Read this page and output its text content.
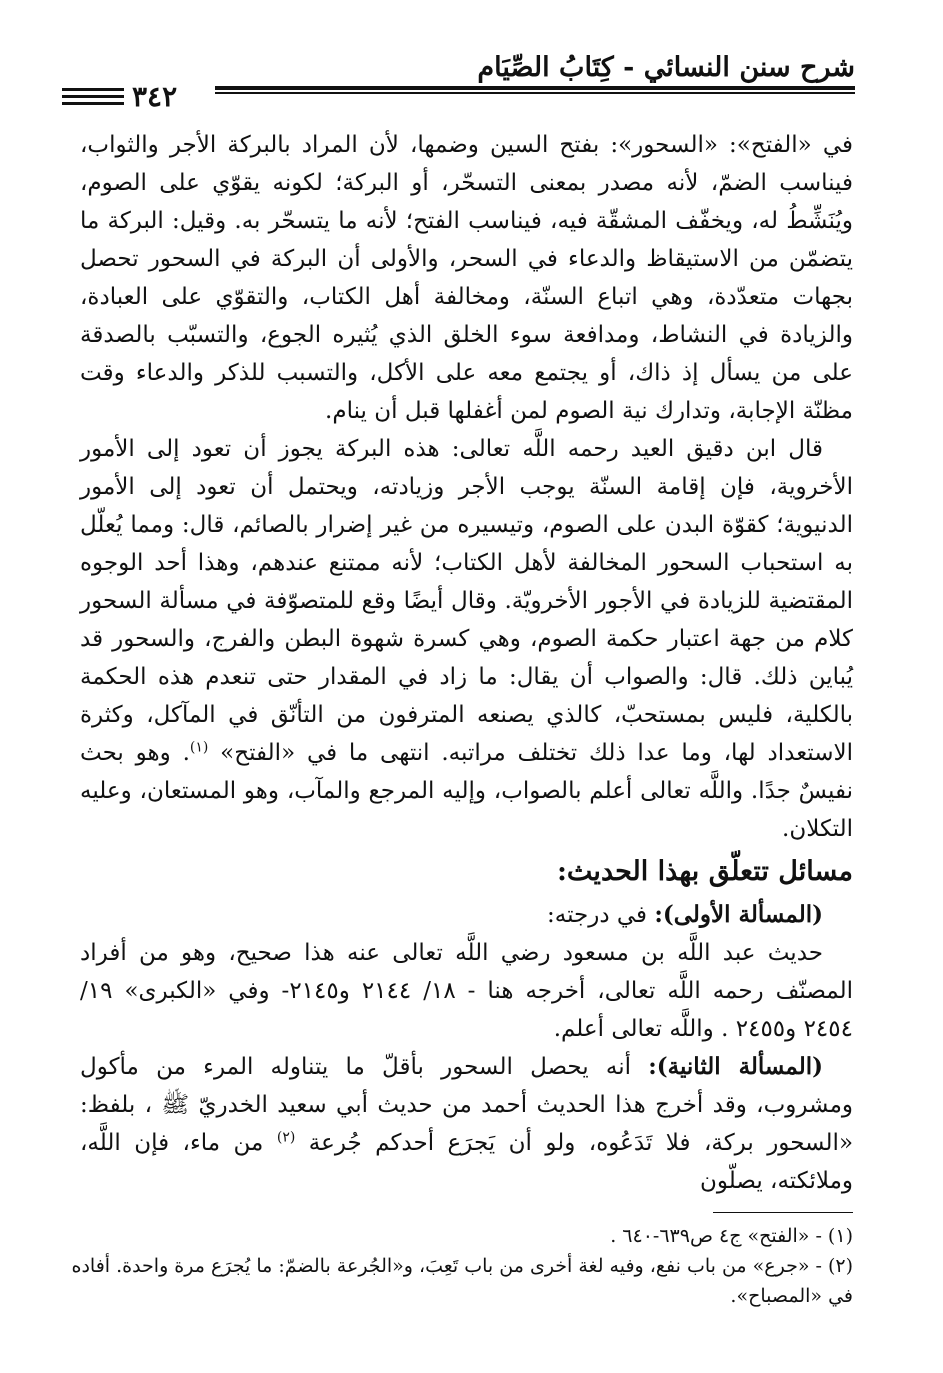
شرح سنن النسائي - كِتَابُ الصِّيَام
٣٤٢

في «الفتح»: «السحور»: بفتح السين وضمها، لأن المراد بالبركة الأجر والثواب، فيناسب الضمّ، لأنه مصدر بمعنى التسحّر، أو البركة؛ لكونه يقوّي على الصوم، ويُنَشِّطُ له، ويخفّف المشقّة فيه، فيناسب الفتح؛ لأنه ما يتسحّر به. وقيل: البركة ما يتضمّن من الاستيقاظ والدعاء في السحر، والأولى أن البركة في السحور تحصل بجهات متعدّدة، وهي اتباع السنّة، ومخالفة أهل الكتاب، والتقوّي على العبادة، والزيادة في النشاط، ومدافعة سوء الخلق الذي يُثيره الجوع، والتسبّب بالصدقة على من يسأل إذ ذاك، أو يجتمع معه على الأكل، والتسبب للذكر والدعاء وقت مظنّة الإجابة، وتدارك نية الصوم لمن أغفلها قبل أن ينام.

قال ابن دقيق العيد رحمه اللَّه تعالى: هذه البركة يجوز أن تعود إلى الأمور الأخروية، فإن إقامة السنّة يوجب الأجر وزيادته، ويحتمل أن تعود إلى الأمور الدنيوية؛ كقوّة البدن على الصوم، وتيسيره من غير إضرار بالصائم، قال: ومما يُعلّل به استحباب السحور المخالفة لأهل الكتاب؛ لأنه ممتنع عندهم، وهذا أحد الوجوه المقتضية للزيادة في الأجور الأخرويّة. وقال أيضًا وقع للمتصوّفة في مسألة السحور كلام من جهة اعتبار حكمة الصوم، وهي كسرة شهوة البطن والفرج، والسحور قد يُباين ذلك. قال: والصواب أن يقال: ما زاد في المقدار حتى تنعدم هذه الحكمة بالكلية، فليس بمستحبّ، كالذي يصنعه المترفون من التأنّق في المآكل، وكثرة الاستعداد لها، وما عدا ذلك تختلف مراتبه. انتهى ما في «الفتح» $^{(١)}$. وهو بحث نفيسٌ جدًا. واللَّه تعالى أعلم بالصواب، وإليه المرجع والمآب، وهو المستعان، وعليه التكلان.

مسائل تتعلّق بهذا الحديث:

(المسألة الأولى): في درجته:

حديث عبد اللَّه بن مسعود رضي اللَّه تعالى عنه هذا صحيح، وهو من أفراد المصنّف رحمه اللَّه تعالى، أخرجه هنا - ١٨/ ٢١٤٤ و٢١٤٥- وفي «الكبرى» ١٩/ ٢٤٥٤ و٢٤٥٥ . واللَّه تعالى أعلم.

(المسألة الثانية): أنه يحصل السحور بأقلّ ما يتناوله المرء من مأكول ومشروب، وقد أخرج هذا الحديث أحمد من حديث أبي سعيد الخدريّ ﷺ ، بلفظ: «السحور بركة، فلا تَدَعُوه، ولو أن يَجرَع أحدكم جُرعة $^{(٢)}$ من ماء، فإن اللَّه، وملائكته، يصلّون

(١) - «الفتح» ج٤ ص٦٣٩-٦٤٠ .

(٢) - «جرع» من باب نفع، وفيه لغة أخرى من باب تَعِبَ، و«الجُرعة بالضمّ: ما يُجرَع مرة واحدة. أفاده في «المصباح».
